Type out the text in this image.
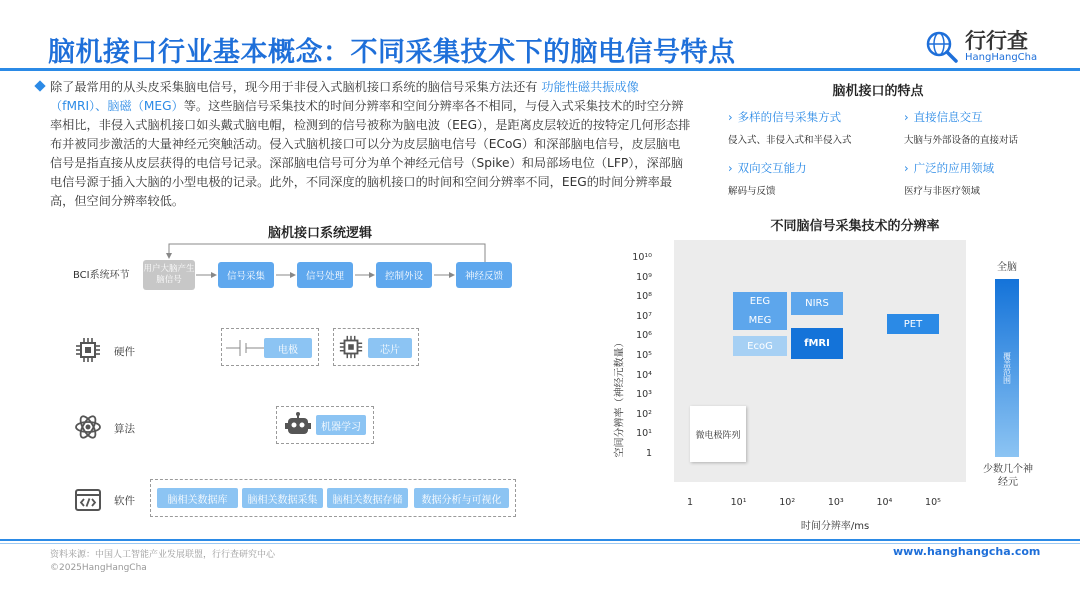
脑机接口行业基本概念：不同采集技术下的脑电信号特点	行行查
HangHangCha
除了最常用的从头皮采集脑电信号，现今用于非侵入式脑机接口系统的脑信号采集方法还有 功能性磁共振成像（fMRI）、脑磁（MEG）等。这些脑信号采集技术的时间分辨率和空间分辨率各不相同，与侵入式采集技术的时空分辨率相比，非侵入式脑机接口如头戴式脑电帽，检测到的信号被称为脑电波（EEG），是距离皮层较近的按特定几何形态排布并被同步激活的大量神经元突触活动。侵入式脑机接口可以分为皮层脑电信号（ECoG）和深部脑电信号，皮层脑电信号是指直接从皮层获得的电信号记录。深部脑电信号可分为单个神经元信号（Spike）和局部场电位（LFP），深部脑电信号源于插入大脑的小型电极的记录。此外，不同深度的脑机接口的时间和空间分辨率不同，EEG的时间分辨率最高，但空间分辨率较低。
脑机接口的特点
› 多样的信号采集方式
侵入式、非侵入式和半侵入式
› 直接信息交互
大脑与外部设备的直接对话
› 双向交互能力
解码与反馈
› 广泛的应用领域
医疗与非医疗领域
脑机接口系统逻辑
BCI系统环节
用户大脑产生脑信号	信号采集	信号处理	控制外设	神经反馈
硬件	电极	芯片
算法	机器学习
软件	脑相关数据库	脑相关数据采集	脑相关数据存储	数据分析与可视化
不同脑信号采集技术的分辨率
10¹⁰
10⁹
10⁸
10⁷
10⁶
10⁵
10⁴
10³
10²
10¹
1
1	10¹	10²	10³	10⁴	10⁵
空间分辨率（神经元数量）
时间分辨率/ms
EEG
MEG
EcoG
NIRS
fMRI
PET
微电极阵列
全脑
覆盖范围
少数几个神经元
资料来源：中国人工智能产业发展联盟，行行查研究中心
©2025HangHangCha
www.hanghangcha.com
